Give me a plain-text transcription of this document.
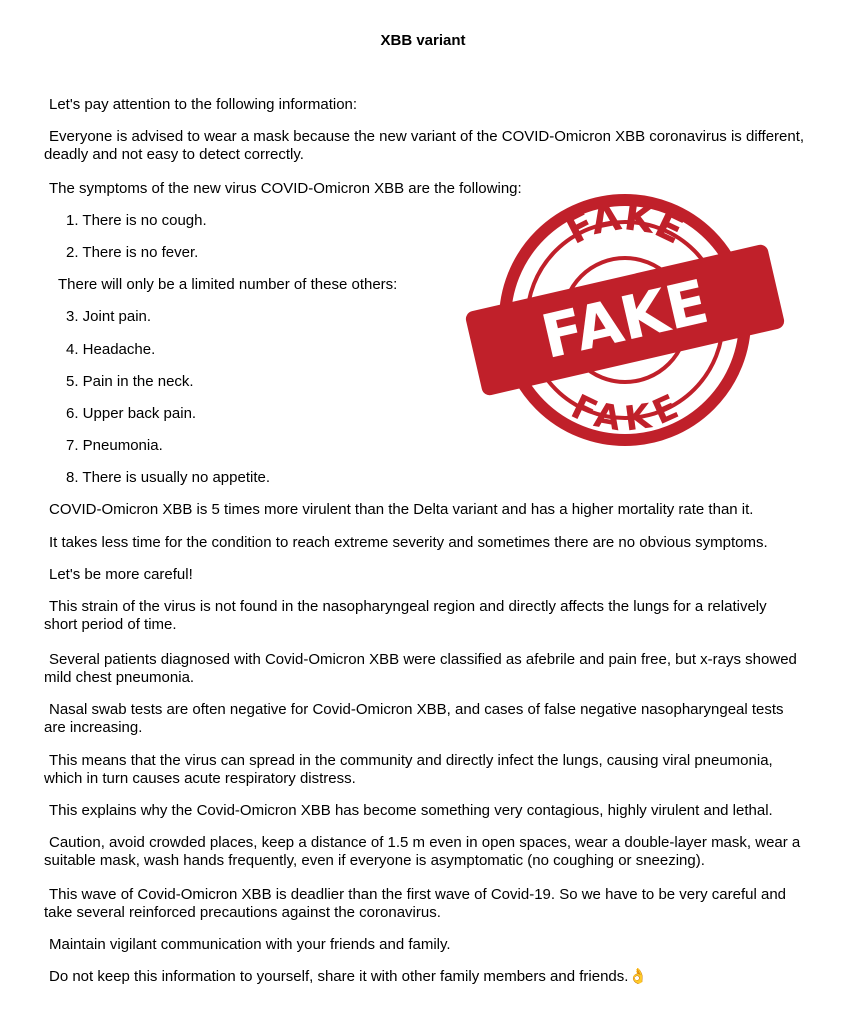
XBB variant
Let's pay attention to the following information:
Everyone is advised to wear a mask because the new variant of the COVID-Omicron XBB coronavirus is different, deadly and not easy to detect correctly.
The symptoms of the new virus COVID-Omicron XBB are the following:
1. There is no cough.
2. There is no fever.
There will only be a limited number of these others:
3. Joint pain.
4. Headache.
5. Pain in the neck.
6. Upper back pain.
7. Pneumonia.
8. There is usually no appetite.
COVID-Omicron XBB is 5 times more virulent than the Delta variant and has a higher mortality rate than it.
It takes less time for the condition to reach extreme severity and sometimes there are no obvious symptoms.
Let's be more careful!
This strain of the virus is not found in the nasopharyngeal region and directly affects the lungs for a relatively short period of time.
Several patients diagnosed with Covid-Omicron XBB were classified as afebrile and pain free, but x-rays showed mild chest pneumonia.
Nasal swab tests are often negative for Covid-Omicron XBB, and cases of false negative nasopharyngeal tests are increasing.
This means that the virus can spread in the community and directly infect the lungs, causing viral pneumonia, which in turn causes acute respiratory distress.
This explains why the Covid-Omicron XBB has become something very contagious, highly virulent and lethal.
Caution, avoid crowded places, keep a distance of 1.5 m even in open spaces, wear a double-layer mask, wear a suitable mask, wash hands frequently, even if everyone is asymptomatic (no coughing or sneezing).
This wave of Covid-Omicron XBB is deadlier than the first wave of Covid-19. So we have to be very careful and take several reinforced precautions against the coronavirus.
Maintain vigilant communication with your friends and family.
Do not keep this information to yourself, share it with other family members and friends.👌
FAKE
FAKE
FAKE
